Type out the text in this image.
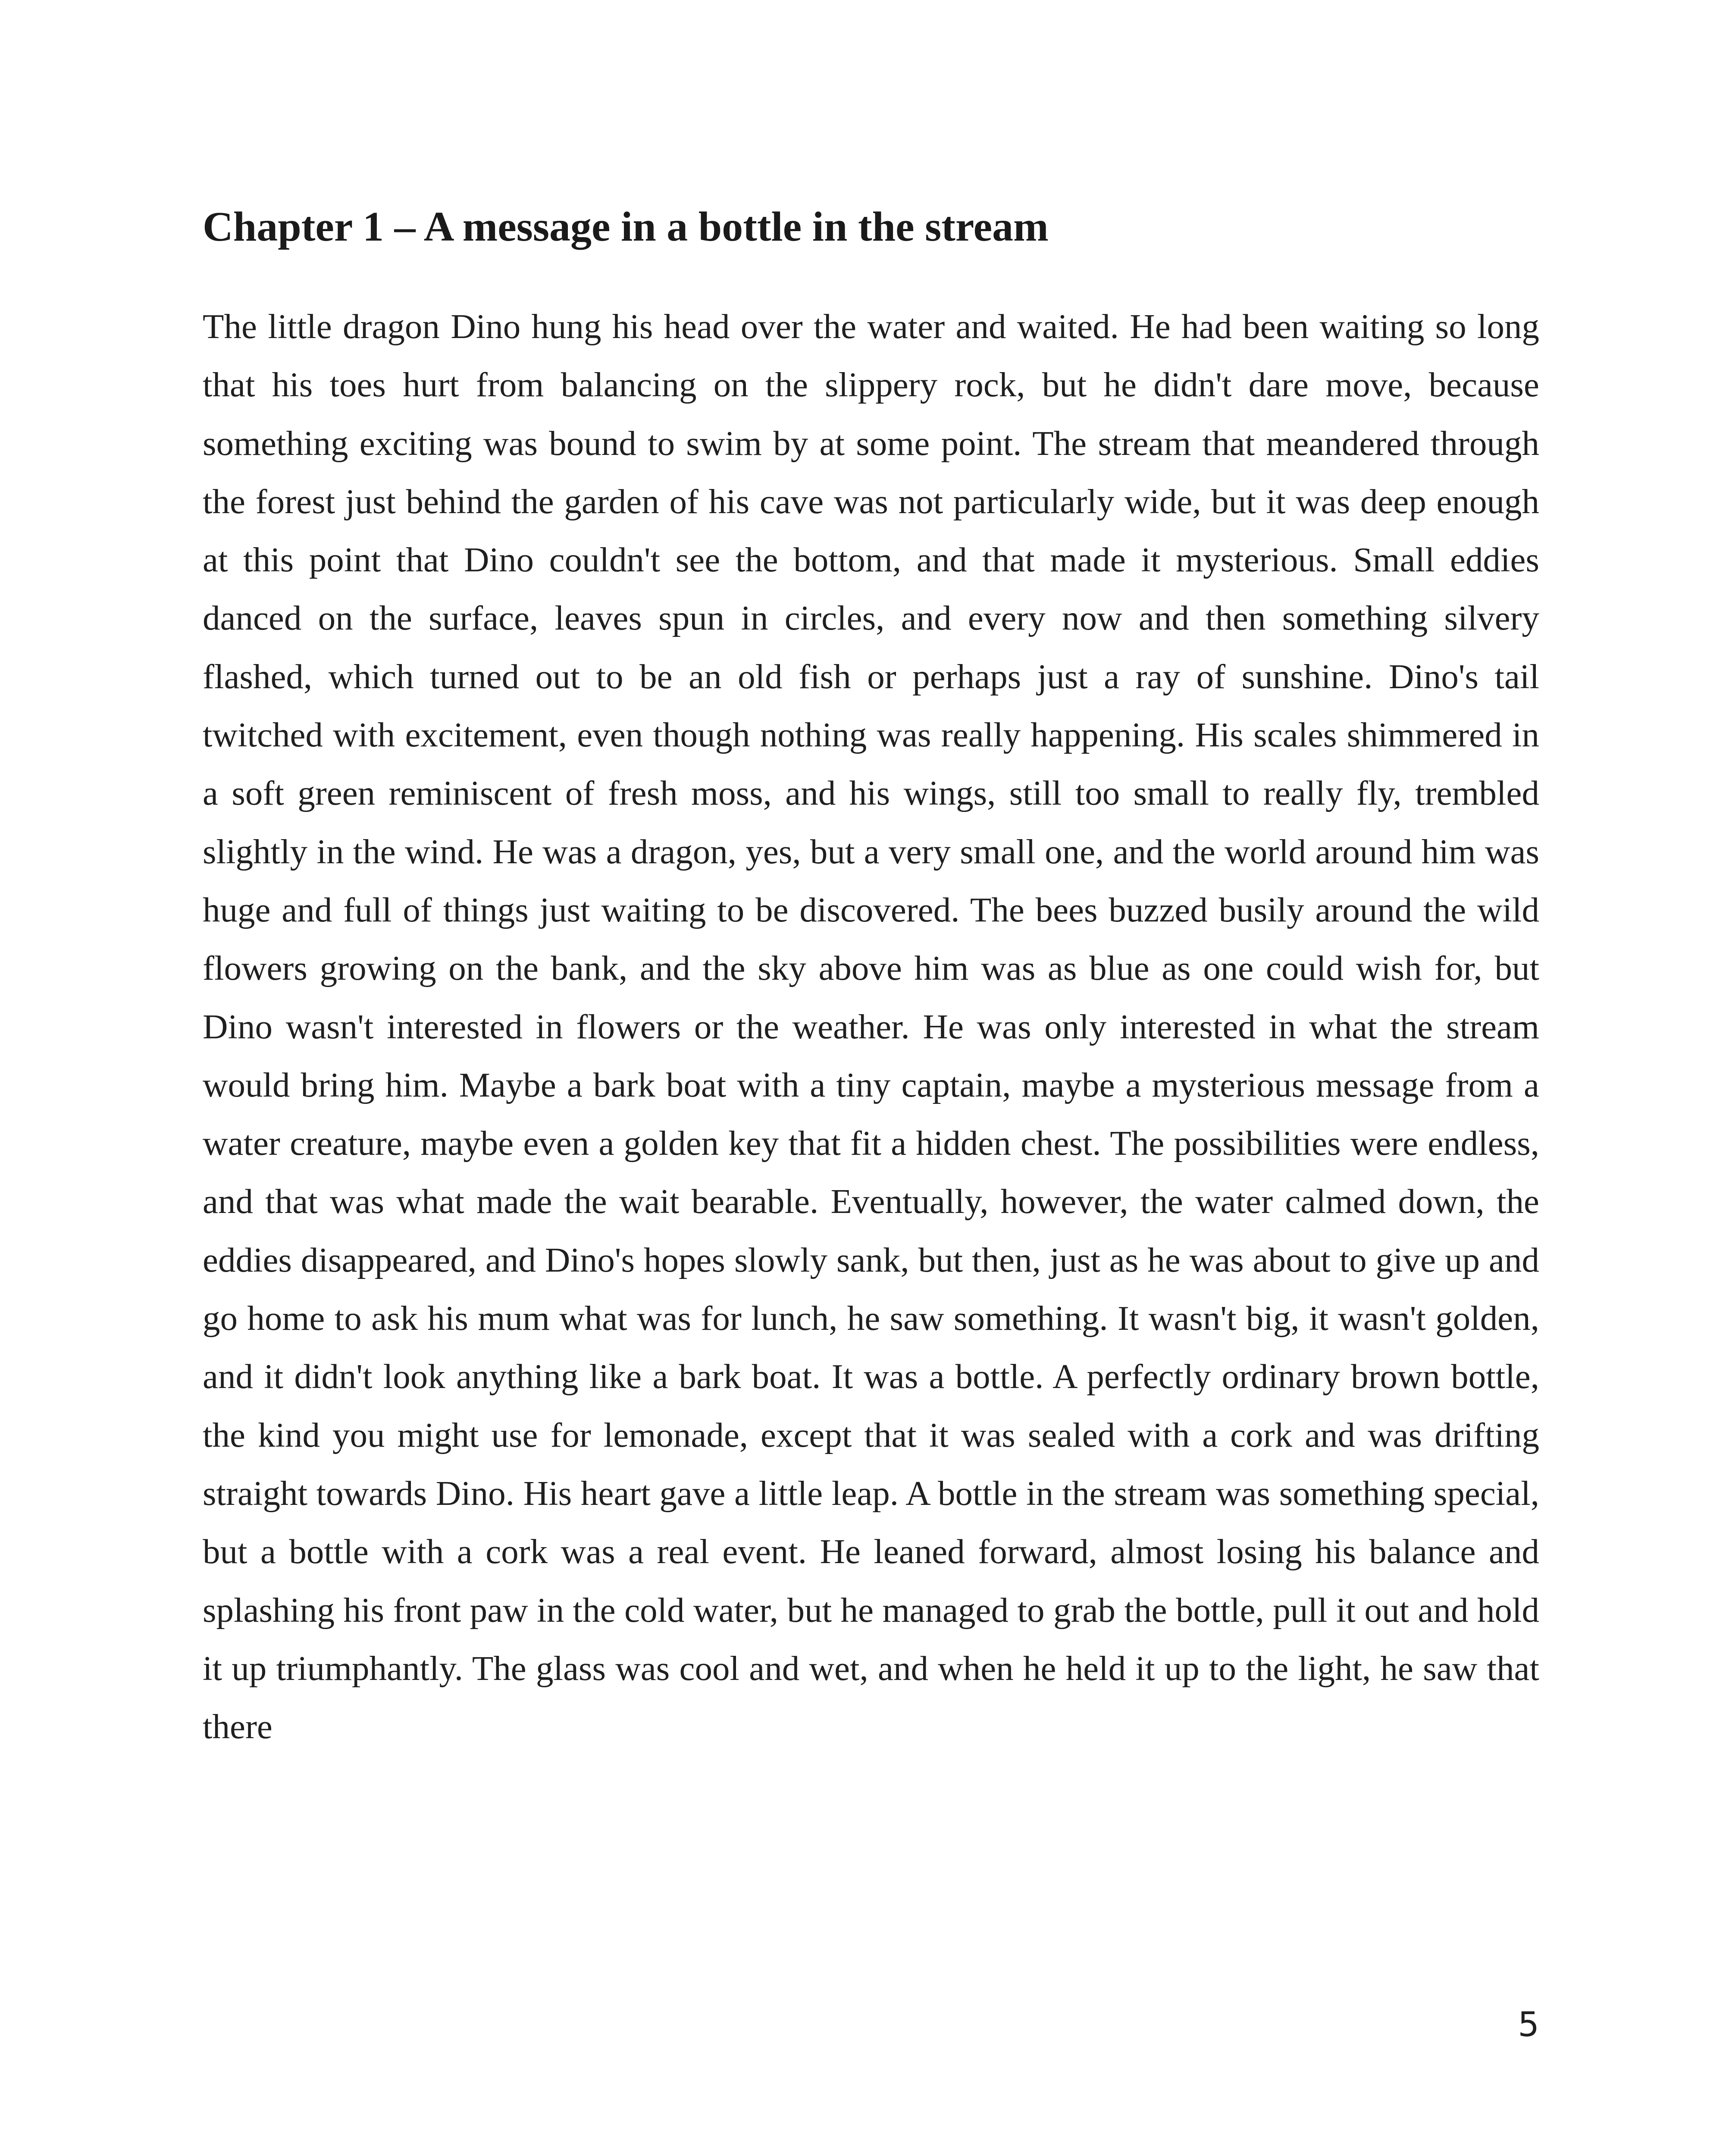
Chapter 1 – A message in a bottle in the stream

The little dragon Dino hung his head over the water and waited. He had been waiting so long that his toes hurt from balancing on the slippery rock, but he didn't dare move, because something exciting was bound to swim by at some point. The stream that meandered through the forest just behind the garden of his cave was not particularly wide, but it was deep enough at this point that Dino couldn't see the bottom, and that made it mysterious. Small eddies danced on the surface, leaves spun in circles, and every now and then something silvery flashed, which turned out to be an old fish or perhaps just a ray of sunshine. Dino's tail twitched with excitement, even though nothing was really happening. His scales shimmered in a soft green reminiscent of fresh moss, and his wings, still too small to really fly, trembled slightly in the wind. He was a dragon, yes, but a very small one, and the world around him was huge and full of things just waiting to be discovered. The bees buzzed busily around the wild flowers growing on the bank, and the sky above him was as blue as one could wish for, but Dino wasn't interested in flowers or the weather. He was only interested in what the stream would bring him. Maybe a bark boat with a tiny captain, maybe a mysterious message from a water creature, maybe even a golden key that fit a hidden chest. The possibilities were endless, and that was what made the wait bearable. Eventually, however, the water calmed down, the eddies disappeared, and Dino's hopes slowly sank, but then, just as he was about to give up and go home to ask his mum what was for lunch, he saw something. It wasn't big, it wasn't golden, and it didn't look anything like a bark boat. It was a bottle. A perfectly ordinary brown bottle, the kind you might use for lemonade, except that it was sealed with a cork and was drifting straight towards Dino. His heart gave a little leap. A bottle in the stream was something special, but a bottle with a cork was a real event. He leaned forward, almost losing his balance and splashing his front paw in the cold water, but he managed to grab the bottle, pull it out and hold it up triumphantly. The glass was cool and wet, and when he held it up to the light, he saw that there

5
